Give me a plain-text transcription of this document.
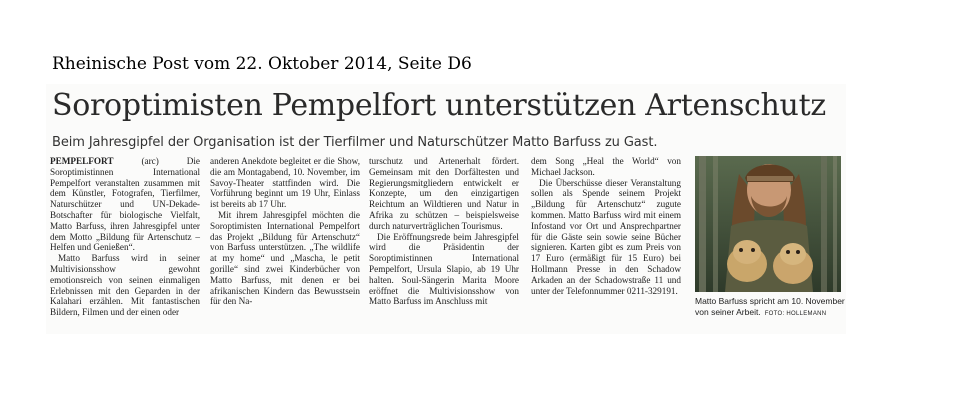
Rheinische Post vom 22. Oktober 2014, Seite D6
Soroptimisten Pempelfort unterstützen Artenschutz
Beim Jahresgipfel der Organisation ist der Tierfilmer und Naturschützer Matto Barfuss zu Gast.

PEMPELFORT (arc) Die Soroptimistinnen International Pempelfort veranstalten zusammen mit dem Künstler, Fotografen, Tierfilmer, Naturschützer und UN-Dekade-Botschafter für biologische Vielfalt, Matto Barfuss, ihren Jahresgipfel unter dem Motto „Bildung für Artenschutz – Helfen und Genießen“.

Matto Barfuss wird in seiner Multivisionsshow gewohnt emotionsreich von seinen einmaligen Erlebnissen mit den Geparden in der Kalahari erzählen. Mit fantastischen Bildern, Filmen und der einen oder

anderen Anekdote begleitet er die Show, die am Montagabend, 10. November, im Savoy-Theater stattfinden wird. Die Vorführung beginnt um 19 Uhr, Einlass ist bereits ab 17 Uhr.

Mit ihrem Jahresgipfel möchten die Soroptimisten International Pempelfort das Projekt „Bildung für Artenschutz“ von Barfuss unterstützen. „The wildlife at my home“ und „Mascha, le petit gorille“ sind zwei Kinderbücher von Matto Barfuss, mit denen er bei afrikanischen Kindern das Bewusstsein für den Na-

turschutz und Artenerhalt fördert. Gemeinsam mit den Dorfältesten und Regierungsmitgliedern entwickelt er Konzepte, um den einzigartigen Reichtum an Wildtieren und Natur in Afrika zu schützen – beispielsweise durch naturverträglichen Tourismus.

Die Eröffnungsrede beim Jahresgipfel wird die Präsidentin der Soroptimistinnen International Pempelfort, Ursula Slapio, ab 19 Uhr halten. Soul-Sängerin Marita Moore eröffnet die Multivisionsshow von Matto Barfuss im Anschluss mit

dem Song „Heal the World“ von Michael Jackson.

Die Überschüsse dieser Veranstaltung sollen als Spende seinem Projekt „Bildung für Artenschutz“ zugute kommen. Matto Barfuss wird mit einem Infostand vor Ort und Ansprechpartner für die Gäste sein sowie seine Bücher signieren. Karten gibt es zum Preis von 17 Euro (ermäßigt für 15 Euro) bei Hollmann Presse in den Schadow Arkaden an der Schadowstraße 11 und unter der Telefonnummer 0211-329191.

Matto Barfuss spricht am 10. November von seiner Arbeit. FOTO: HOLLEMANN
